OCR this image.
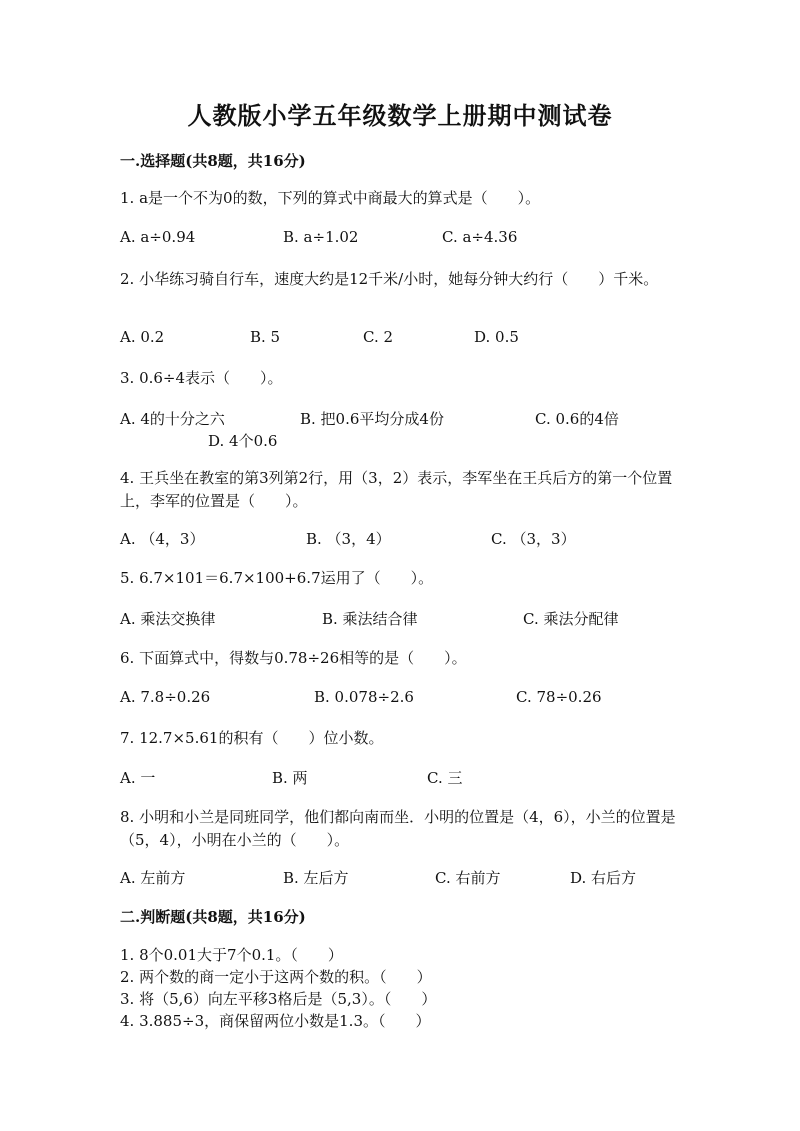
人教版小学五年级数学上册期中测试卷
一.选择题(共8题，共16分)
1. a是一个不为0的数，下列的算式中商最大的算式是（　　）。
A. a÷0.94	B. a÷1.02	C. a÷4.36
2. 小华练习骑自行车，速度大约是12千米/小时，她每分钟大约行（　　）千米。
A. 0.2	B. 5	C. 2	D. 0.5
3. 0.6÷4表示（　　）。
A. 4的十分之六	B. 把0.6平均分成4份	C. 0.6的4倍
D. 4个0.6
4. 王兵坐在教室的第3列第2行，用（3，2）表示，李军坐在王兵后方的第一个位置上，李军的位置是（　　）。
A. （4，3）	B. （3，4）	C. （3，3）
5. 6.7×101＝6.7×100+6.7运用了（　　）。
A. 乘法交换律	B. 乘法结合律	C. 乘法分配律
6. 下面算式中，得数与0.78÷26相等的是（　　）。
A. 7.8÷0.26	B. 0.078÷2.6	C. 78÷0.26
7. 12.7×5.61的积有（　　）位小数。
A. 一	B. 两	C. 三
8. 小明和小兰是同班同学，他们都向南而坐．小明的位置是（4，6），小兰的位置是（5，4），小明在小兰的（　　）。
A. 左前方	B. 左后方	C. 右前方	D. 右后方
二.判断题(共8题，共16分)
1. 8个0.01大于7个0.1。（　　）
2. 两个数的商一定小于这两个数的积。（　　）
3. 将（5,6）向左平移3格后是（5,3）。（　　）
4. 3.885÷3，商保留两位小数是1.3。（　　）
